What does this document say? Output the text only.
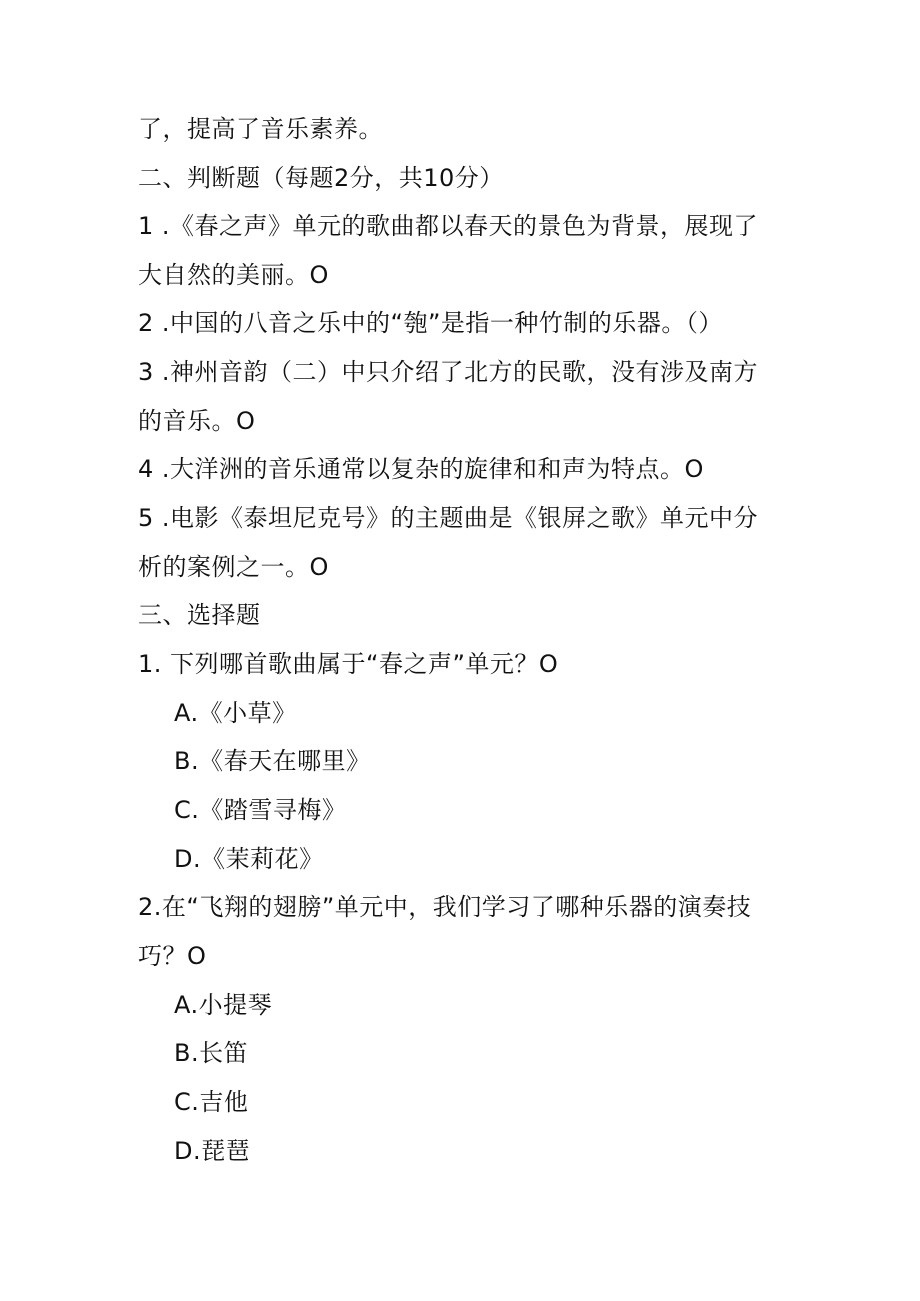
了，提高了音乐素养。
二、判断题（每题2分，共10分）
1 .《春之声》单元的歌曲都以春天的景色为背景，展现了
大自然的美丽。O
2 .中国的八音之乐中的“匏”是指一种竹制的乐器。（）
3 .神州音韵（二）中只介绍了北方的民歌，没有涉及南方
的音乐。O
4 .大洋洲的音乐通常以复杂的旋律和和声为特点。O
5 .电影《泰坦尼克号》的主题曲是《银屏之歌》单元中分
析的案例之一。O
三、选择题
1. 下列哪首歌曲属于“春之声”单元？O
A.《小草》
B.《春天在哪里》
C.《踏雪寻梅》
D.《茉莉花》
2.在“飞翔的翅膀”单元中，我们学习了哪种乐器的演奏技
巧？O
A.小提琴
B.长笛
C.吉他
D.琵琶
